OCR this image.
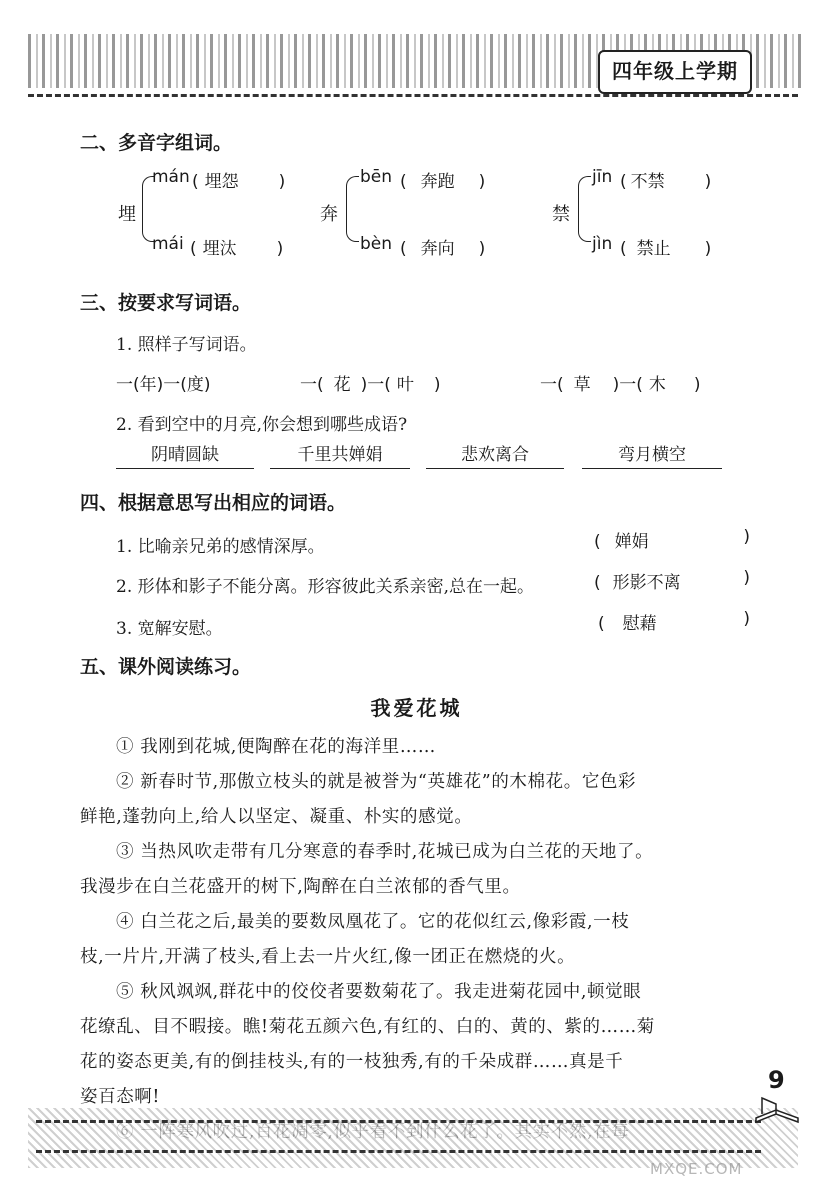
四年级上学期
二、多音字组词。
埋
mán ( 埋怨 )
mái ( 埋汰 )
奔
bēn ( 奔跑 )
bèn ( 奔向 )
禁
jīn ( 不禁 )
jìn ( 禁止 )
三、按要求写词语。
1. 照样子写词语。
一(年)一(度)	一( 花 )一( 叶 )	一( 草 )一( 木 )
2. 看到空中的月亮,你会想到哪些成语?
阴晴圆缺	千里共婵娟	悲欢离合	弯月横空
四、根据意思写出相应的词语。
1. 比喻亲兄弟的感情深厚。	( 婵娟	)
2. 形体和影子不能分离。形容彼此关系亲密,总在一起。	( 形影不离	)
3. 宽解安慰。	( 慰藉	)
五、课外阅读练习。
我爱花城
① 我刚到花城,便陶醉在花的海洋里……
② 新春时节,那傲立枝头的就是被誉为“英雄花”的木棉花。它色彩
鲜艳,蓬勃向上,给人以坚定、凝重、朴实的感觉。
③ 当热风吹走带有几分寒意的春季时,花城已成为白兰花的天地了。
我漫步在白兰花盛开的树下,陶醉在白兰浓郁的香气里。
④ 白兰花之后,最美的要数凤凰花了。它的花似红云,像彩霞,一枝
枝,一片片,开满了枝头,看上去一片火红,像一团正在燃烧的火。
⑤ 秋风飒飒,群花中的佼佼者要数菊花了。我走进菊花园中,顿觉眼
花缭乱、目不暇接。瞧!菊花五颜六色,有红的、白的、黄的、紫的……菊
花的姿态更美,有的倒挂枝头,有的一枝独秀,有的千朵成群……真是千
姿百态啊!
9
MXQE.COM
